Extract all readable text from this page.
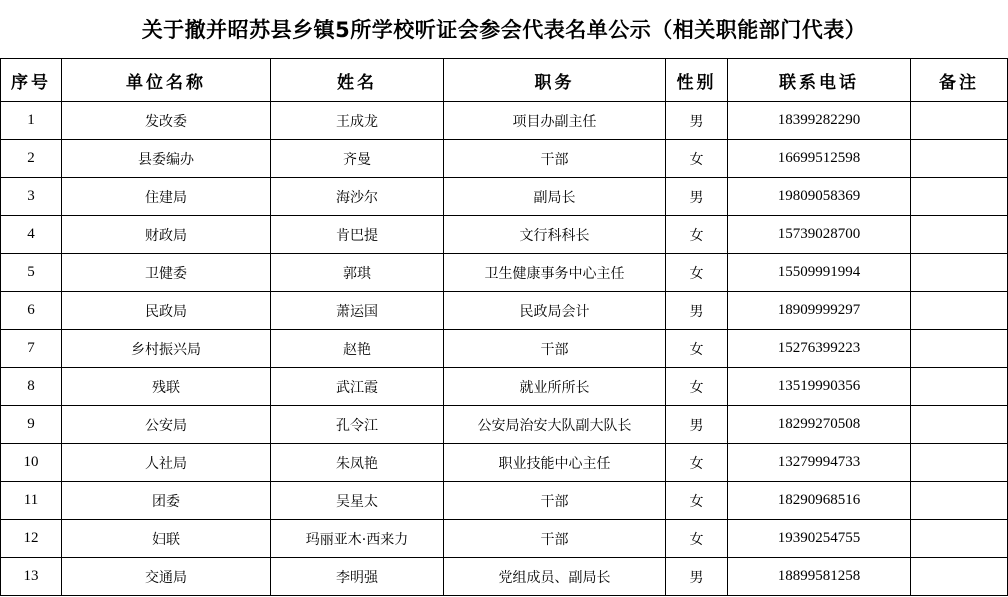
关于撤并昭苏县乡镇5所学校听证会参会代表名单公示（相关职能部门代表）
序号	单位名称	姓名	职务	性别	联系电话	备注
1	发改委	王成龙	项目办副主任	男	18399282290	
2	县委编办	齐曼	干部	女	16699512598	
3	住建局	海沙尔	副局长	男	19809058369	
4	财政局	肯巴提	文行科科长	女	15739028700	
5	卫健委	郭琪	卫生健康事务中心主任	女	15509991994	
6	民政局	萧运国	民政局会计	男	18909999297	
7	乡村振兴局	赵艳	干部	女	15276399223	
8	残联	武江霞	就业所所长	女	13519990356	
9	公安局	孔令江	公安局治安大队副大队长	男	18299270508	
10	人社局	朱凤艳	职业技能中心主任	女	13279994733	
11	团委	吴星太	干部	女	18290968516	
12	妇联	玛丽亚木·西来力	干部	女	19390254755	
13	交通局	李明强	党组成员、副局长	男	18899581258	
